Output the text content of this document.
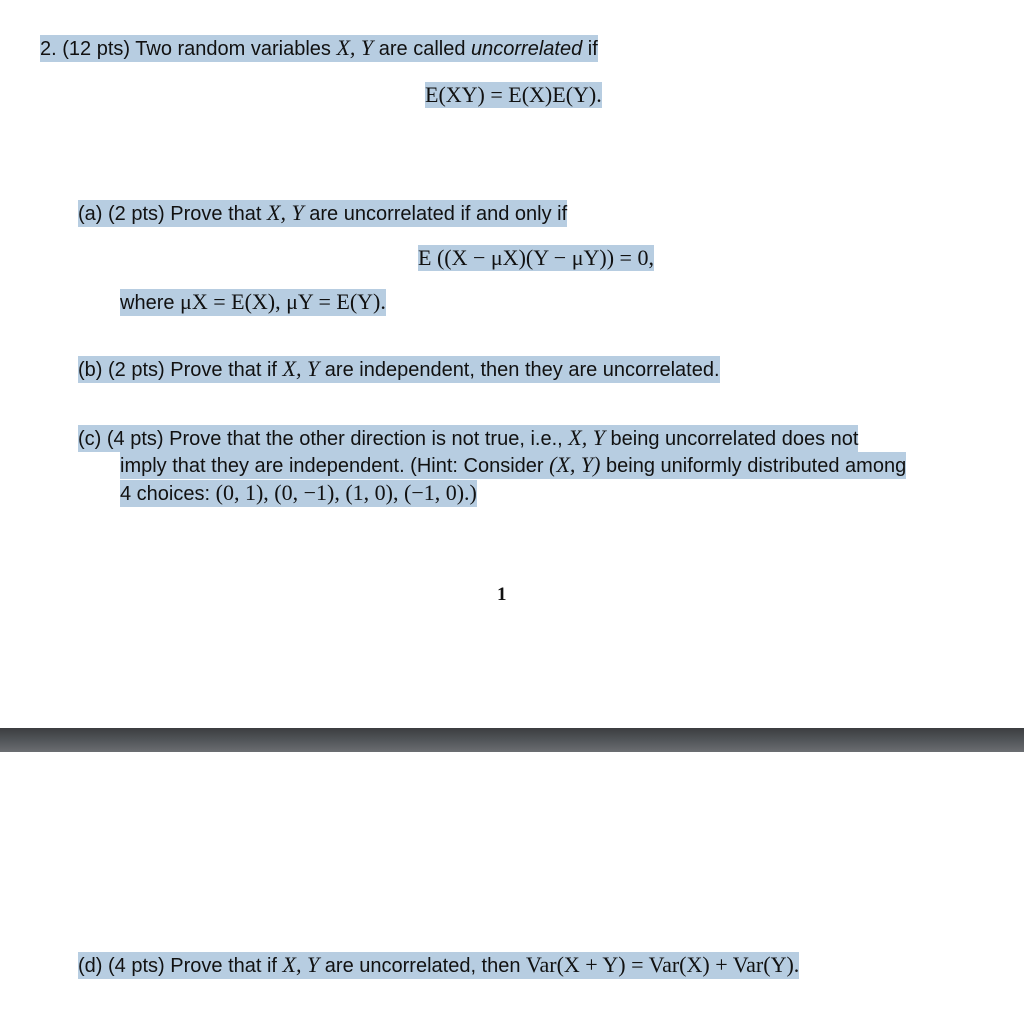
2. (12 pts) Two random variables X, Y are called uncorrelated if
E(XY) = E(X)E(Y).
(a) (2 pts) Prove that X, Y are uncorrelated if and only if
E ((X − μX)(Y − μY)) = 0,
where μX = E(X), μY = E(Y).
(b) (2 pts) Prove that if X, Y are independent, then they are uncorrelated.
(c) (4 pts) Prove that the other direction is not true, i.e., X, Y being uncorrelated does not
imply that they are independent. (Hint: Consider (X, Y) being uniformly distributed among
4 choices: (0, 1), (0, −1), (1, 0), (−1, 0).)
1
(d) (4 pts) Prove that if X, Y are uncorrelated, then Var(X + Y) = Var(X) + Var(Y).
